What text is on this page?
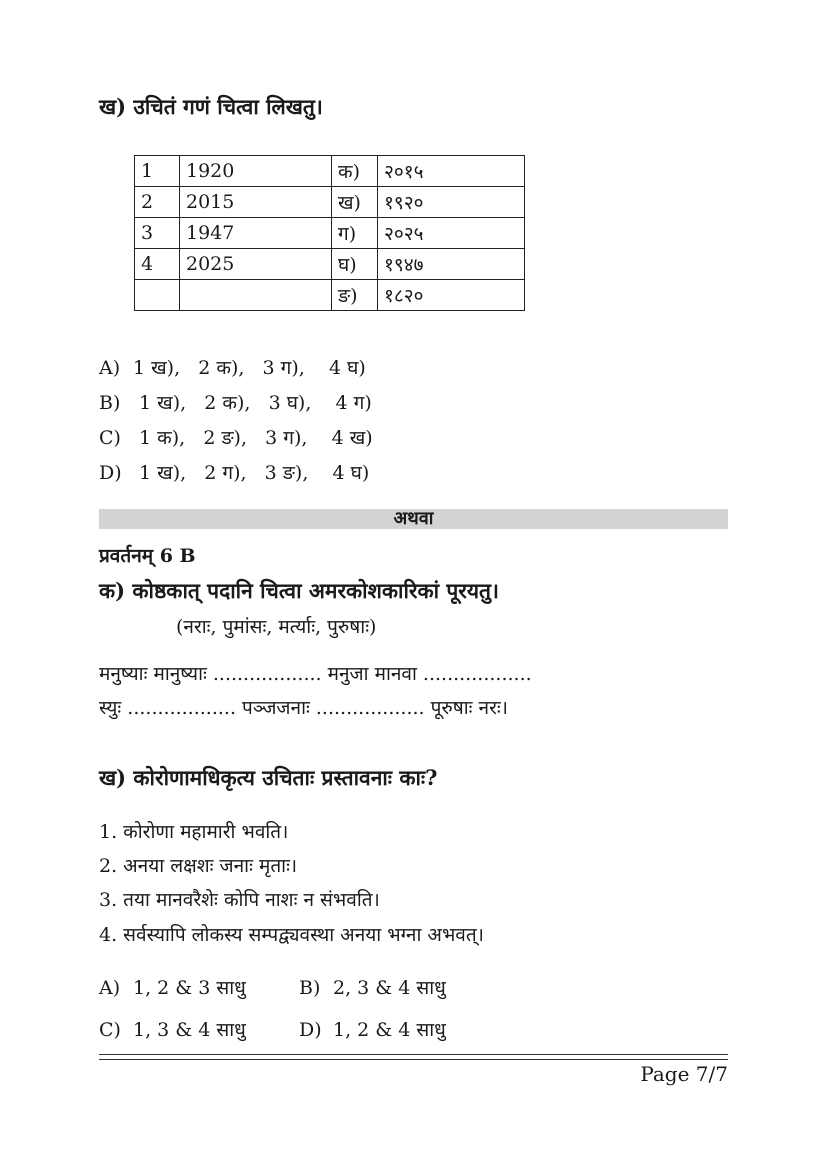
ख) उचितं गणं चित्वा लिखतु।
1	1920	क)	२०१५
2	2015	ख)	१९२०
3	1947	ग)	२०२५
4	2025	घ)	१९४७
		ङ)	१८२०
A) 1 ख),   2 क),   3 ग),    4 घ)
B) 1 ख),   2 क),   3 घ),    4 ग)
C) 1 क),   2 ङ),   3 ग),    4 ख)
D) 1 ख),   2 ग),   3 ङ),    4 घ)
अथवा
प्रवर्तनम् 6 B
क) कोष्ठकात् पदानि चित्वा अमरकोशकारिकां पूरयतु।
(नराः, पुमांसः, मर्त्याः, पुरुषाः)
मनुष्याः मानुष्याः .................. मनुजा मानवा ..................
स्युः .................. पञ्जजनाः .................. पूरुषाः नरः।
ख) कोरोणामधिकृत्य उचिताः प्रस्तावनाः काः?
1. कोरोणा महामारी भवति।
2. अनया लक्षशः जनाः मृताः।
3. तया मानवरैशेः कोपि नाशः न संभवति।
4. सर्वस्यापि लोकस्य सम्पद्व्यवस्था अनया भग्ना अभवत्।
A) 1, 2 & 3 साधु	B) 2, 3 & 4 साधु
C) 1, 3 & 4 साधु	D) 1, 2 & 4 साधु
Page 7/7
